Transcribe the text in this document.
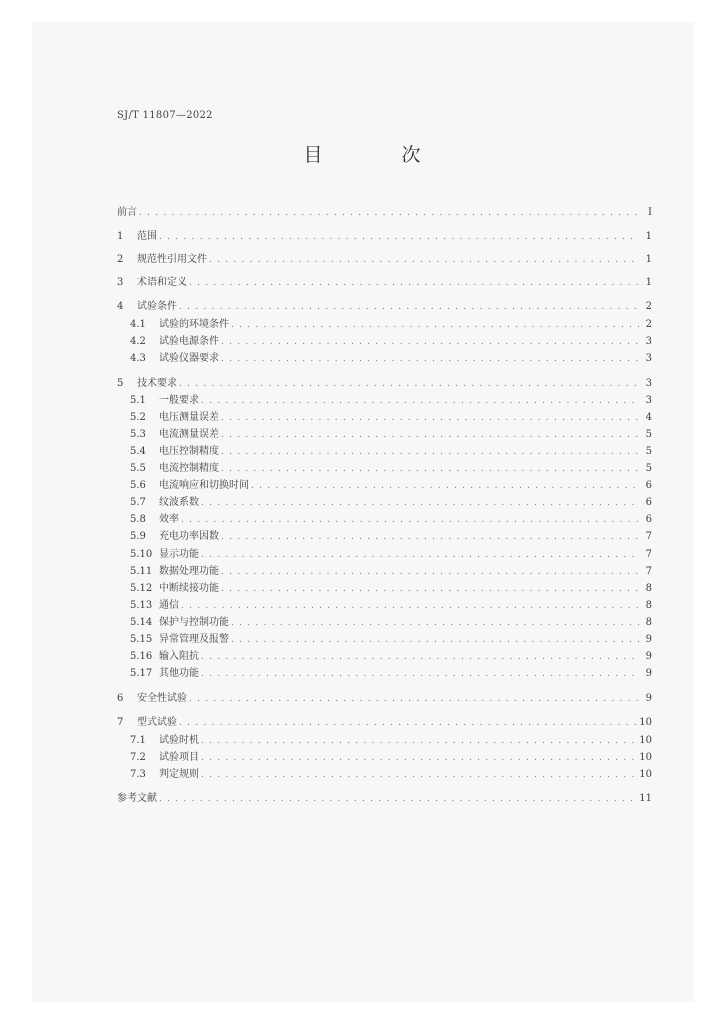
SJ/T 11807—2022
目　次
前言 . . .	I
1	范围 . . .	1
2	规范性引用文件 . . .	1
3	术语和定义 . . .	1
4	试验条件 . . .	2
4.1	试验的环境条件 . . .	2
4.2	试验电源条件 . . .	3
4.3	试验仪器要求 . . .	3
5	技术要求 . . .	3
5.1	一般要求 . . .	3
5.2	电压测量误差 . . .	4
5.3	电流测量误差 . . .	5
5.4	电压控制精度 . . .	5
5.5	电流控制精度 . . .	5
5.6	电流响应和切换时间 . . .	6
5.7	纹波系数 . . .	6
5.8	效率 . . .	6
5.9	充电功率因数 . . .	7
5.10 显示功能 . . .	7
5.11 数据处理功能 . . .	7
5.12 中断续接功能 . . .	8
5.13 通信 . . .	8
5.14 保护与控制功能 . . .	8
5.15 异常管理及报警 . . .	9
5.16 输入阻抗 . . .	9
5.17 其他功能 . . .	9
6	安全性试验 . . .	9
7	型式试验 . . .	10
7.1	试验时机 . . .	10
7.2	试验项目 . . .	10
7.3	判定规则 . . .	10
参考文献 . . .	11
